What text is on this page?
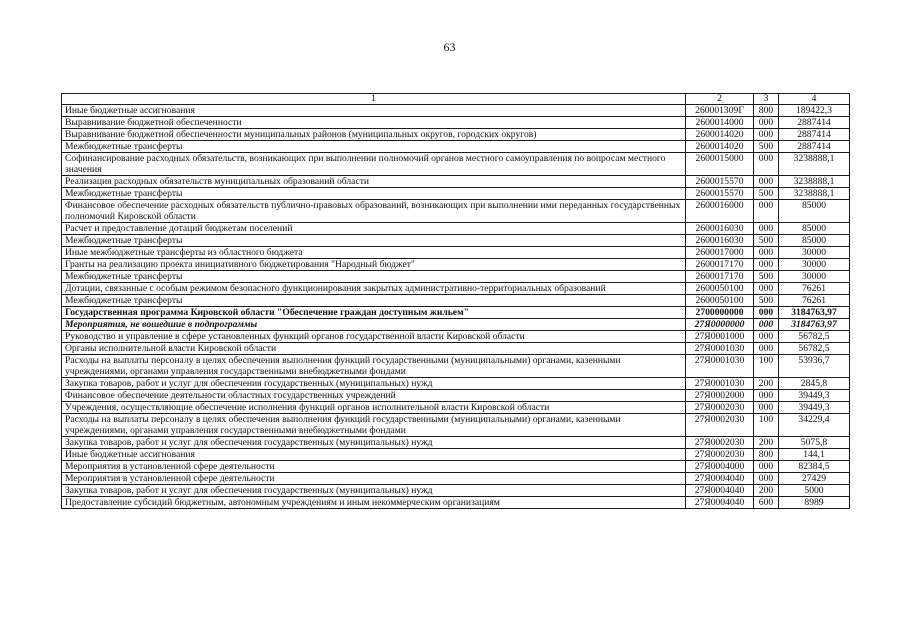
63
1	2	3	4
Иные бюджетные ассигнования	260001309Г	800	189422,3
Выравнивание бюджетной обеспеченности	2600014000	000	2887414
Выравнивание бюджетной обеспеченности муниципальных районов (муниципальных округов, городских округов)	2600014020	000	2887414
Межбюджетные трансферты	2600014020	500	2887414
Софинансирование расходных обязательств, возникающих при выполнении полномочий органов местного самоуправления по вопросам местного значения	2600015000	000	3238888,1
Реализация расходных обязательств муниципальных образований области	2600015570	000	3238888,1
Межбюджетные трансферты	2600015570	500	3238888,1
Финансовое обеспечение расходных обязательств публично-правовых образований, возникающих при выполнении ими переданных государственных полномочий Кировской области	2600016000	000	85000
Расчет и предоставление дотаций бюджетам поселений	2600016030	000	85000
Межбюджетные трансферты	2600016030	500	85000
Иные межбюджетные трансферты из областного бюджета	2600017000	000	30000
Гранты на реализацию проекта инициативного бюджетирования "Народный бюджет"	2600017170	000	30000
Межбюджетные трансферты	2600017170	500	30000
Дотации, связанные с особым режимом безопасного функционирования закрытых административно-территориальных образований	2600050100	000	76261
Межбюджетные трансферты	2600050100	500	76261
Государственная программа Кировской области "Обеспечение граждан доступным жильем"	2700000000	000	3184763,97
Мероприятия, не вошедшие в подпрограммы	27Я0000000	000	3184763,97
Руководство и управление в сфере установленных функций органов государственной власти Кировской области	27Я0001000	000	56782,5
Органы исполнительной власти Кировской области	27Я0001030	000	56782,5
Расходы на выплаты персоналу в целях обеспечения выполнения функций государственными (муниципальными) органами, казенными учреждениями, органами управления государственными внебюджетными фондами	27Я0001030	100	53936,7
Закупка товаров, работ и услуг для обеспечения государственных (муниципальных) нужд	27Я0001030	200	2845,8
Финансовое обеспечение деятельности областных государственных учреждений	27Я0002000	000	39449,3
Учреждения, осуществляющие обеспечение исполнения функций органов исполнительной власти Кировской области	27Я0002030	000	39449,3
Расходы на выплаты персоналу в целях обеспечения выполнения функций государственными (муниципальными) органами, казенными учреждениями, органами управления государственными внебюджетными фондами	27Я0002030	100	34229,4
Закупка товаров, работ и услуг для обеспечения государственных (муниципальных) нужд	27Я0002030	200	5075,8
Иные бюджетные ассигнования	27Я0002030	800	144,1
Мероприятия в установленной сфере деятельности	27Я0004000	000	82384,5
Мероприятия в установленной сфере деятельности	27Я0004040	000	27429
Закупка товаров, работ и услуг для обеспечения государственных (муниципальных) нужд	27Я0004040	200	5000
Предоставление субсидий бюджетным, автономным учреждениям и иным некоммерческим организациям	27Я0004040	600	8989
